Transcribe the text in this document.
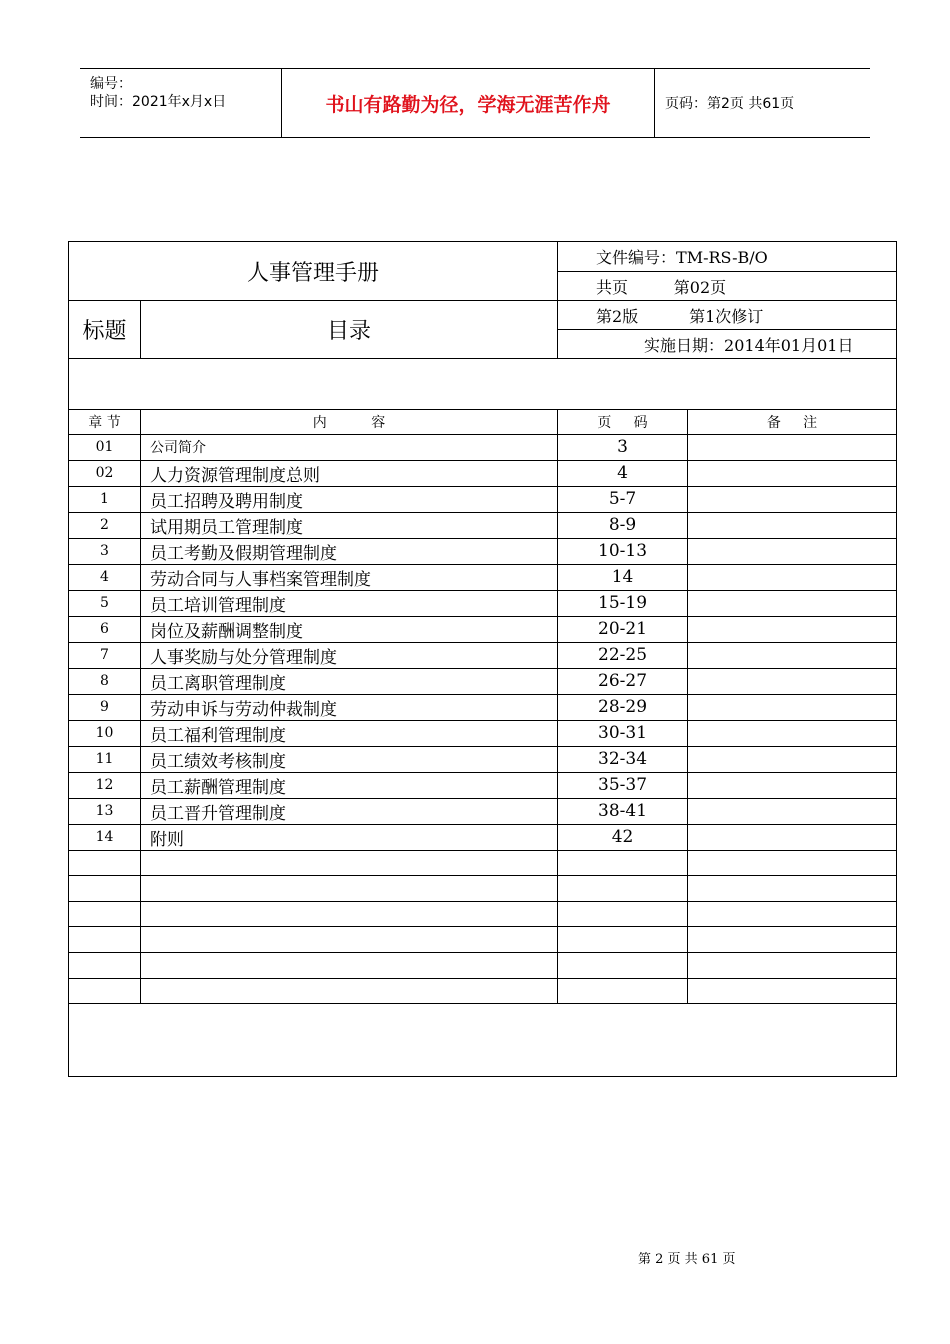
编号：
时间：2021年x月x日	书山有路勤为径，学海无涯苦作舟	页码：第2页 共61页
人事管理手册		文件编号：TM-RS-B/O	
		共页         第02页	
标题	目录	第2版          第1次修订	
		实施日期：2014年01月01日	

章 节	内          容	页     码	备     注
01	公司简介	3	
02	人力资源管理制度总则	4	
1	员工招聘及聘用制度	5-7	
2	试用期员工管理制度	8-9	
3	员工考勤及假期管理制度	10-13	
4	劳动合同与人事档案管理制度	14	
5	员工培训管理制度	15-19	
6	岗位及薪酬调整制度	20-21	
7	人事奖励与处分管理制度	22-25	
8	员工离职管理制度	26-27	
9	劳动申诉与劳动仲裁制度	28-29	
10	员工福利管理制度	30-31	
11	员工绩效考核制度	32-34	
12	员工薪酬管理制度	35-37	
13	员工晋升管理制度	38-41	
14	附则	42	

第 2 页 共 61 页
